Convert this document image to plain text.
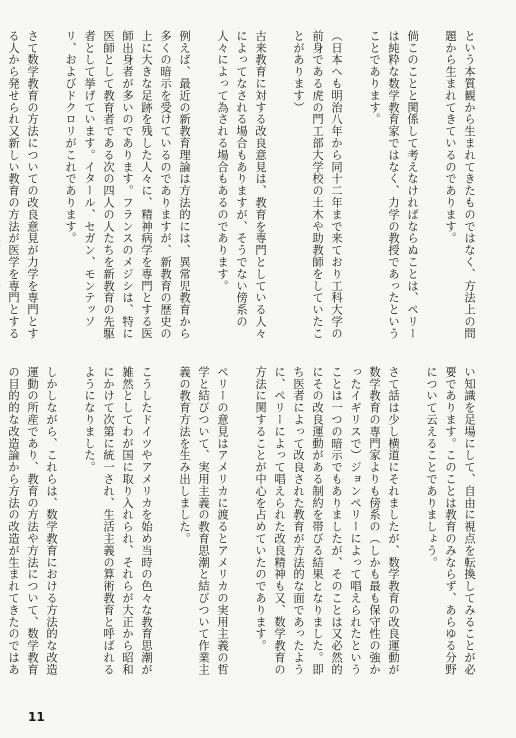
という本質観から生まれてきたものではなく、方法上の問題から生まれてきているのであります。

倘このことと関係して考えなければならぬことは、ペリーは純粋な数学教育家ではなく、力学の教授であったということであります。

（日本へも明治八年から同十二年まで来ており工科大学の前身である虎の門工部大学校の土木や助教師をしていたことがあります）

古来教育に対する改良意見は、教育を専門としている人々によってなされる場合もありますが、そうでない傍系の人々によって為される場合もあるのであります。

例えば、最近の新教育理論は方法的には、異常児教育から多くの暗示を受けているのでありますが、新教育の歴史の上に大きな足跡を残した人々に、精神病学を専門とする医師出身者が多いのであります。フランスのメジシは、特に医師として教育者である次の四人の人たちを新教育の先駆者として挙げています。イタール、セガン、モンテッソリ、およびドクロリがこれであります。

さて数学教育の方法についての改良意見が力学を専門とする人から発せられ又新しい教育の方法が医学を専門とする

い知識を足場にして、自由に視点を転換してみることが必要であります。このことは教育のみならず、あらゆる分野について云えることでありましょう。

さて話は少し横道にそれましたが、数学教育の改良運動が数学教育の専門家よりも傍系の（しかも最も保守性の強かったイギリスで）ジョンペリーによって唱えられたということは一つの暗示でもありましたが、そのことは又必然的にその改良運動がある制約を帯びる結果となりました。即ち医者によって改良された教育が方法的な面であったように、ペリーによって唱えられた改良精神も又、数学教育の方法に関することが中心を占めていたのであります。

ペリーの意見はアメリカに渡るとアメリカの実用主義の哲学と結びついて、実用主義の教育思潮と結びついて作業主義の教育方法を生み出しました。

こうしたドイツやアメリカを始め当時の色々な教育思潮が雑然としてわが国に取り入れられ、それらが大正から昭和にかけて次第に統一され、生活主義の算術教育と呼ばれるようになりました。

しかしながら、これらは、数学教育における方法的な改造運動の所産であり、教育の方法や方法について、数学教育の目的的な改造論から方法の改造が生まれてきたのではあ

11
